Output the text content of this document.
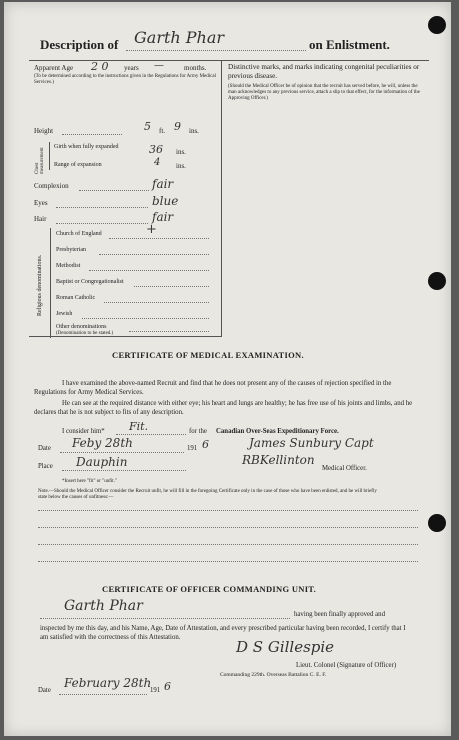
Description of Garth Phar	on Enlistment.
Apparent Age 2 0 years —	months.
(To be determined according to the instructions given in the Regulations for Army Medical Services.)
Height	5 ft. 9 ins.
Chest measurement
Girth when fully expanded	36 ins.
Range of expansion	4 ins.
Complexion	fair
Eyes	blue
Hair	fair
Religious denominations.
Church of England	+
Presbyterian
Methodist
Baptist or Congregationalist
Roman Catholic
Jewish
Other denominations
(Denomination to be stated.)
Distinctive marks, and marks indicating congenital peculiarities or previous disease.
(Should the Medical Officer be of opinion that the recruit has served before, he will, unless the man acknowledges to any previous service, attach a slip to that effect, for the information of the Approving Officer.)
CERTIFICATE OF MEDICAL EXAMINATION.
I have examined the above-named Recruit and find that he does not present any of the causes of rejection specified in the Regulations for Army Medical Services.
He can see at the required distance with either eye; his heart and lungs are healthy; he has free use of his joints and limbs, and he declares that he is not subject to fits of any description.
I consider him* Fit.	for the Canadian Over-Seas Expeditionary Force.
Date Feby 28th	191 6	James Sunbury Capt
Place Dauphin	RBKellinton
Medical Officer.
*Insert here "fit" or "unfit."
Note.—Should the Medical Officer consider the Recruit unfit, he will fill in the foregoing Certificate only in the case of those who have been enlisted, and he will briefly state below the causes of unfitness:—
CERTIFICATE OF OFFICER COMMANDING UNIT.
Garth Phar
having been finally approved and
inspected by me this day, and his Name, Age, Date of Attestation, and every prescribed particular having been recorded, I certify that I am satisfied with the correctness of this Attestation.
D S Gillespie
Lieut. Colonel (Signature of Officer)
Commanding 229th. Overseas Battalion C. E. F.
Date
February 28th
191 6
